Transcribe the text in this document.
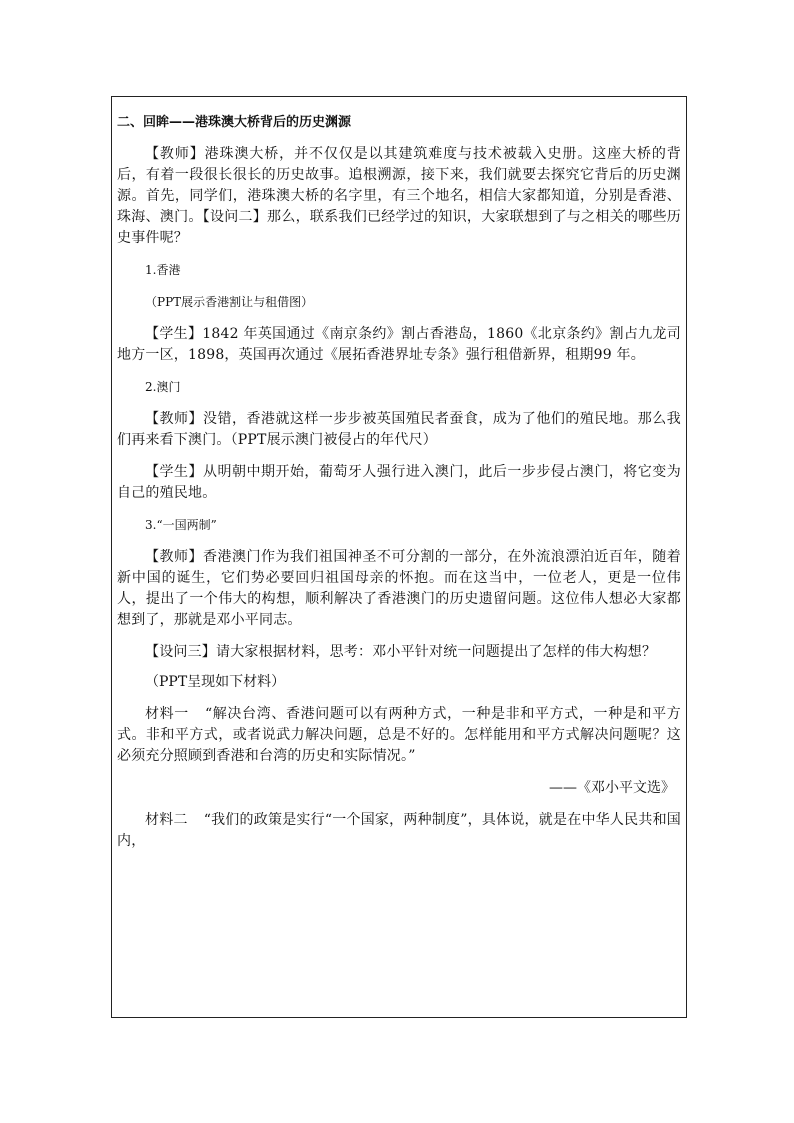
二、回眸——港珠澳大桥背后的历史渊源

【教师】港珠澳大桥，并不仅仅是以其建筑难度与技术被载入史册。这座大桥的背后，有着一段很长很长的历史故事。追根溯源，接下来，我们就要去探究它背后的历史渊源。首先，同学们，港珠澳大桥的名字里，有三个地名，相信大家都知道，分别是香港、珠海、澳门。【设问二】那么，联系我们已经学过的知识，大家联想到了与之相关的哪些历史事件呢？

1.香港

（PPT展示香港割让与租借图）

【学生】1842 年英国通过《南京条约》割占香港岛，1860《北京条约》割占九龙司地方一区，1898，英国再次通过《展拓香港界址专条》强行租借新界，租期99 年。

2.澳门

【教师】没错，香港就这样一步步被英国殖民者蚕食，成为了他们的殖民地。那么我们再来看下澳门。（PPT展示澳门被侵占的年代尺）

【学生】从明朝中期开始，葡萄牙人强行进入澳门，此后一步步侵占澳门，将它变为自己的殖民地。

3.“一国两制”

【教师】香港澳门作为我们祖国神圣不可分割的一部分，在外流浪漂泊近百年，随着新中国的诞生，它们势必要回归祖国母亲的怀抱。而在这当中，一位老人，更是一位伟人，提出了一个伟大的构想，顺利解决了香港澳门的历史遗留问题。这位伟人想必大家都想到了，那就是邓小平同志。

【设问三】请大家根据材料，思考：邓小平针对统一问题提出了怎样的伟大构想？

（PPT呈现如下材料）

材料一 “解决台湾、香港问题可以有两种方式，一种是非和平方式，一种是和平方式。非和平方式，或者说武力解决问题，总是不好的。怎样能用和平方式解决问题呢？这必须充分照顾到香港和台湾的历史和实际情况。”

——《邓小平文选》

材料二 “我们的政策是实行“一个国家，两种制度”，具体说，就是在中华人民共和国内，
